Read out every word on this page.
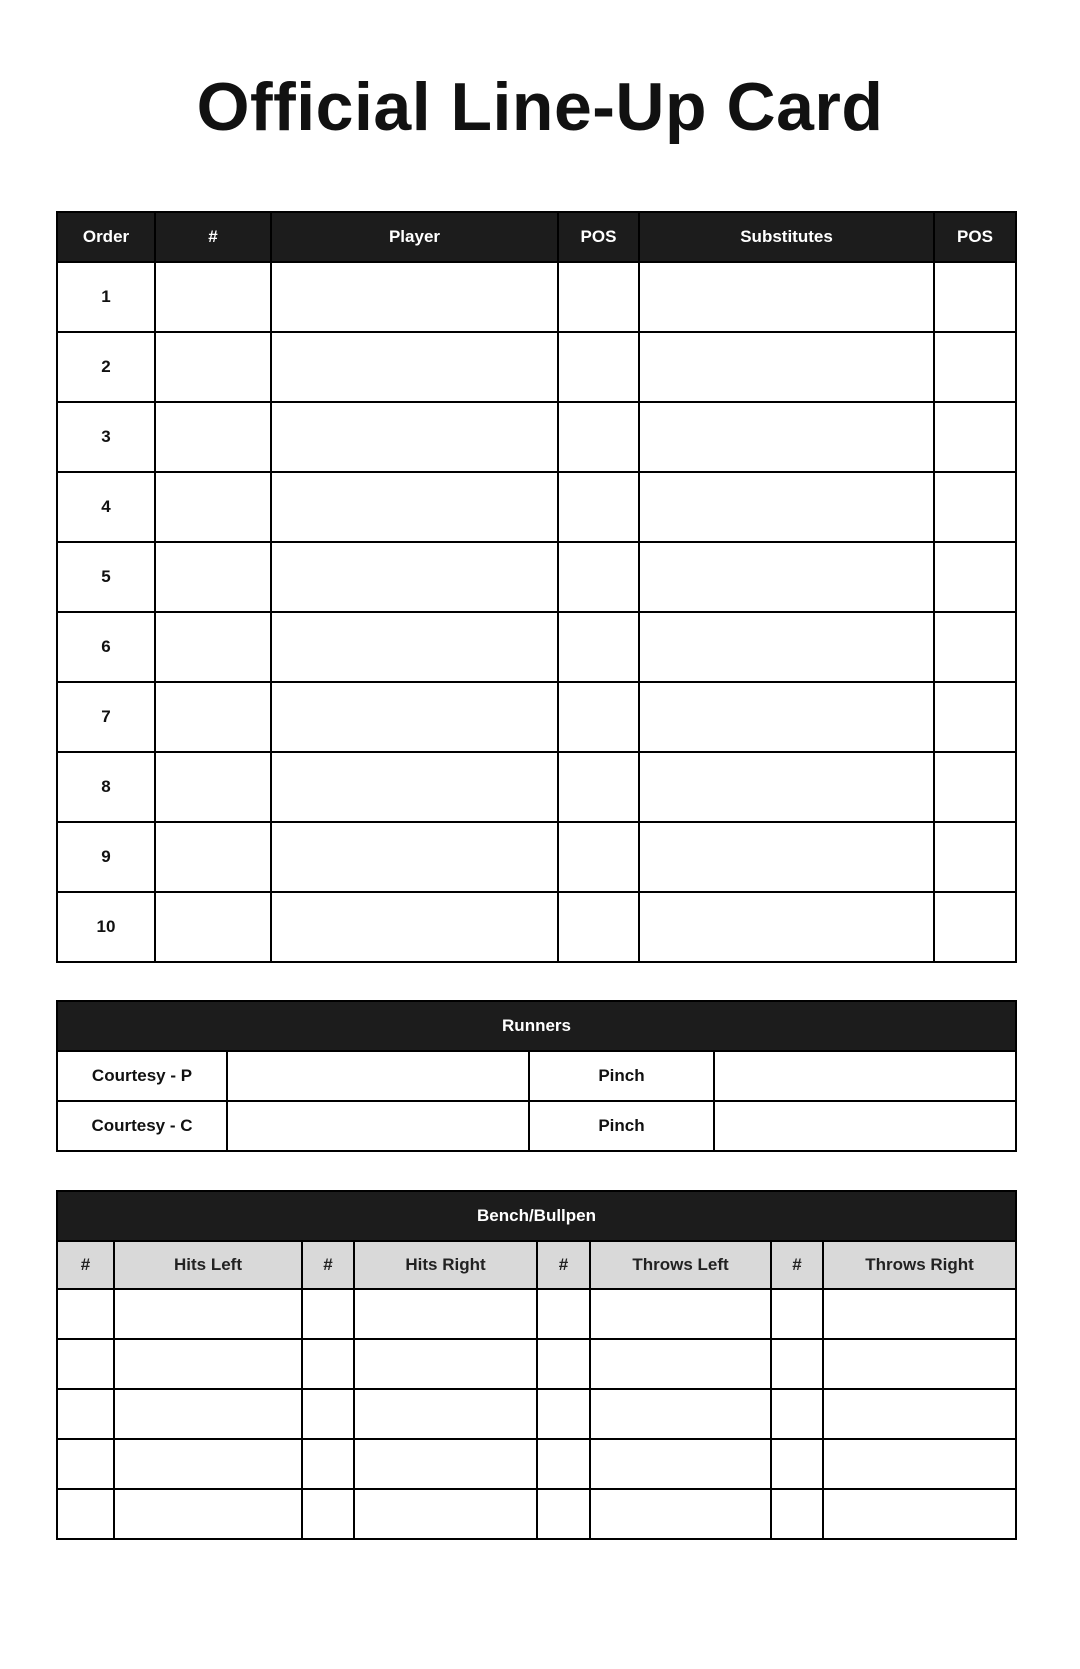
Official Line-Up Card
Order	#	Player	POS	Substitutes	POS
1					
2					
3					
4					
5					
6					
7					
8					
9					
10					
Runners			
Courtesy - P		Pinch	
Courtesy - C		Pinch	
Bench/Bullpen							
#	Hits Left	#	Hits Right	#	Throws Left	#	Throws Right
